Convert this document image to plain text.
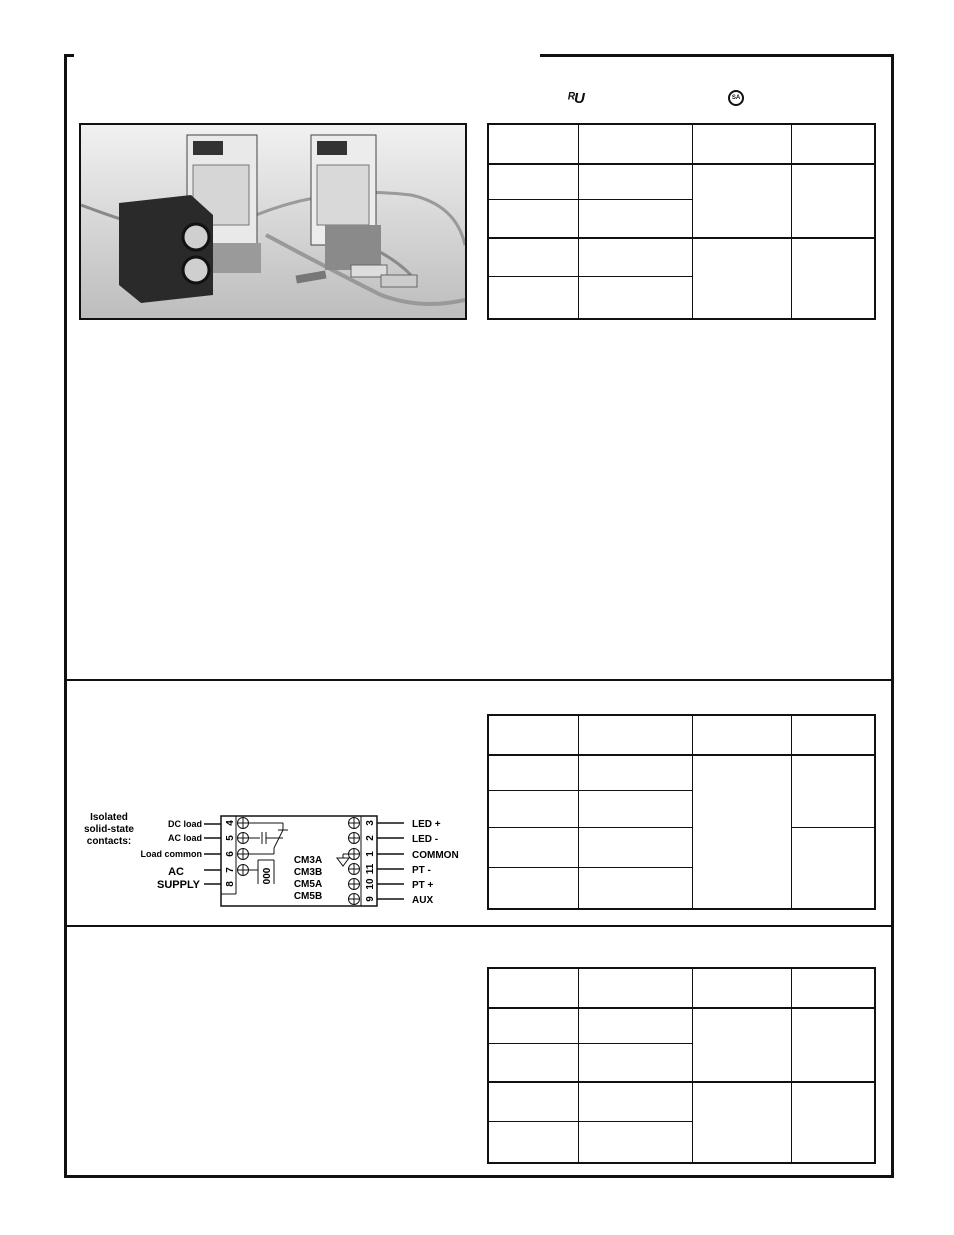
ᴿU	SA
Isolated
solid-state
contacts:
DC load
AC load
Load common
AC
SUPPLY
4
5
6
7
8	000
CM3A
CM3B
CM5A
CM5B
3
2
1
11
10
9
LED +
LED -
COMMON
PT -
PT +
AUX
